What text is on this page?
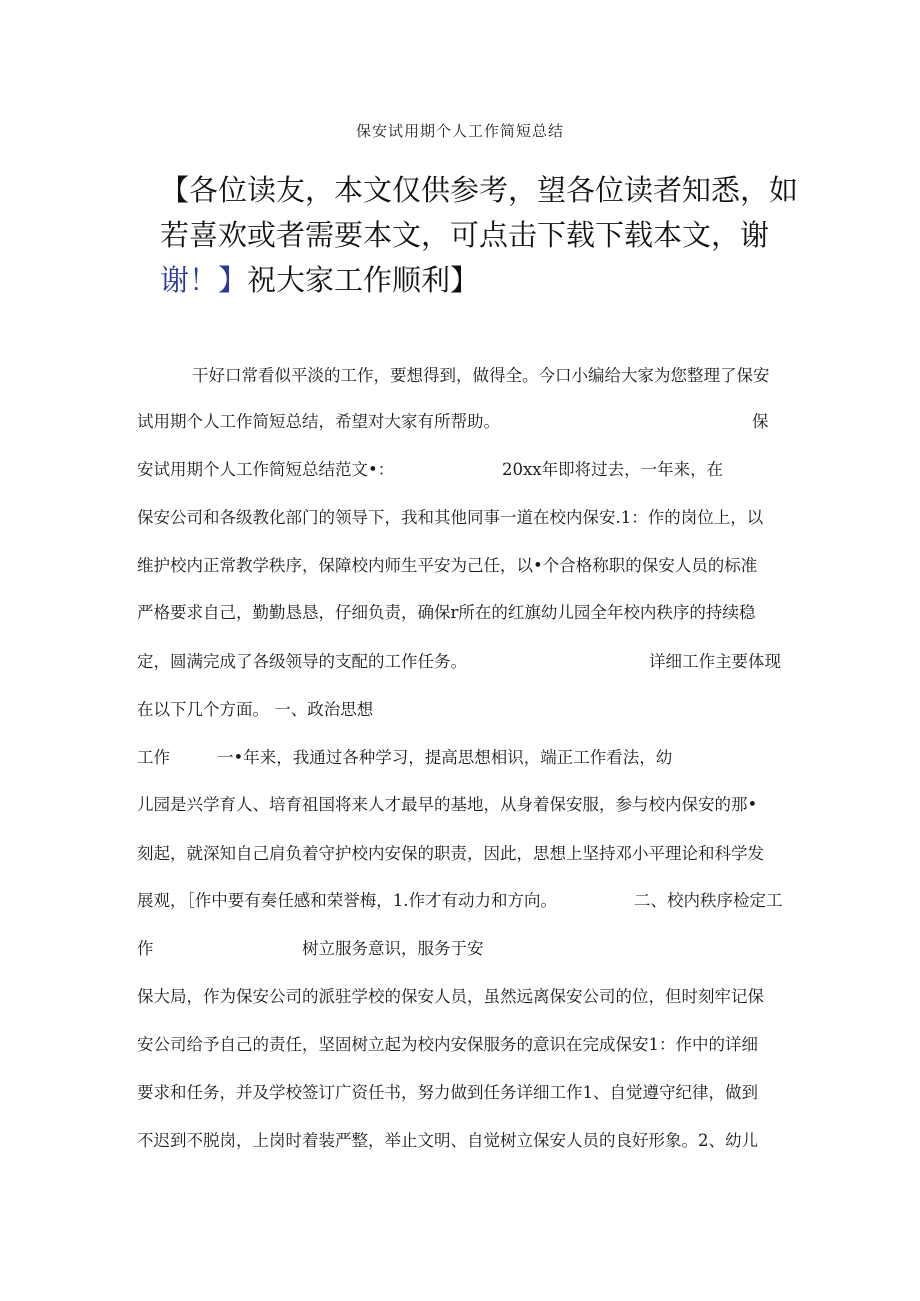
保安试用期个人工作简短总结
【各位读友，本文仅供参考，望各位读者知悉，如
若喜欢或者需要本文，可点击下载下载本文，谢
谢！】祝大家工作顺利】
干好口常看似平淡的工作，要想得到，做得全。今口小编给大家为您整理了保安
试用期个人工作简短总结，希望对大家有所帮助。	保
安试用期个人工作简短总结范文•：	20xx年即将过去，一年来，在
保安公司和各级教化部门的领导下，我和其他同事一道在校内保安.1：作的岗位上，以
维护校内正常教学秩序，保障校内师生平安为己任，以•个合格称职的保安人员的标准
严格要求自己，勤勤恳恳，仔细负责，确保r所在的红旗幼儿园全年校内秩序的持续稳
定，圆满完成了各级领导的支配的工作任务。	详细工作主要体现
在以下几个方面。 一、政治思想
工作	一•年来，我通过各种学习，提高思想相识，端正工作看法，幼
儿园是兴学育人、培育祖国将来人才最早的基地，从身着保安服，参与校内保安的那•
刻起，就深知自己肩负着守护校内安保的职责，因此，思想上坚持邓小平理论和科学发
展观，［作中要有奏任感和荣誉梅，1.作才有动力和方向。	二、校内秩序检定工
作	树立服务意识，服务于安
保大局，作为保安公司的派驻学校的保安人员，虽然远离保安公司的位，但时刻牢记保
安公司给予自己的责任，坚固树立起为校内安保服务的意识在完成保安1：作中的详细
要求和任务，并及学校签订广资任书，努力做到任务详细工作1、自觉遵守纪律，做到
不迟到不脱岗，上岗时着装严整，举止文明、自觉树立保安人员的良好形象。2、幼儿
